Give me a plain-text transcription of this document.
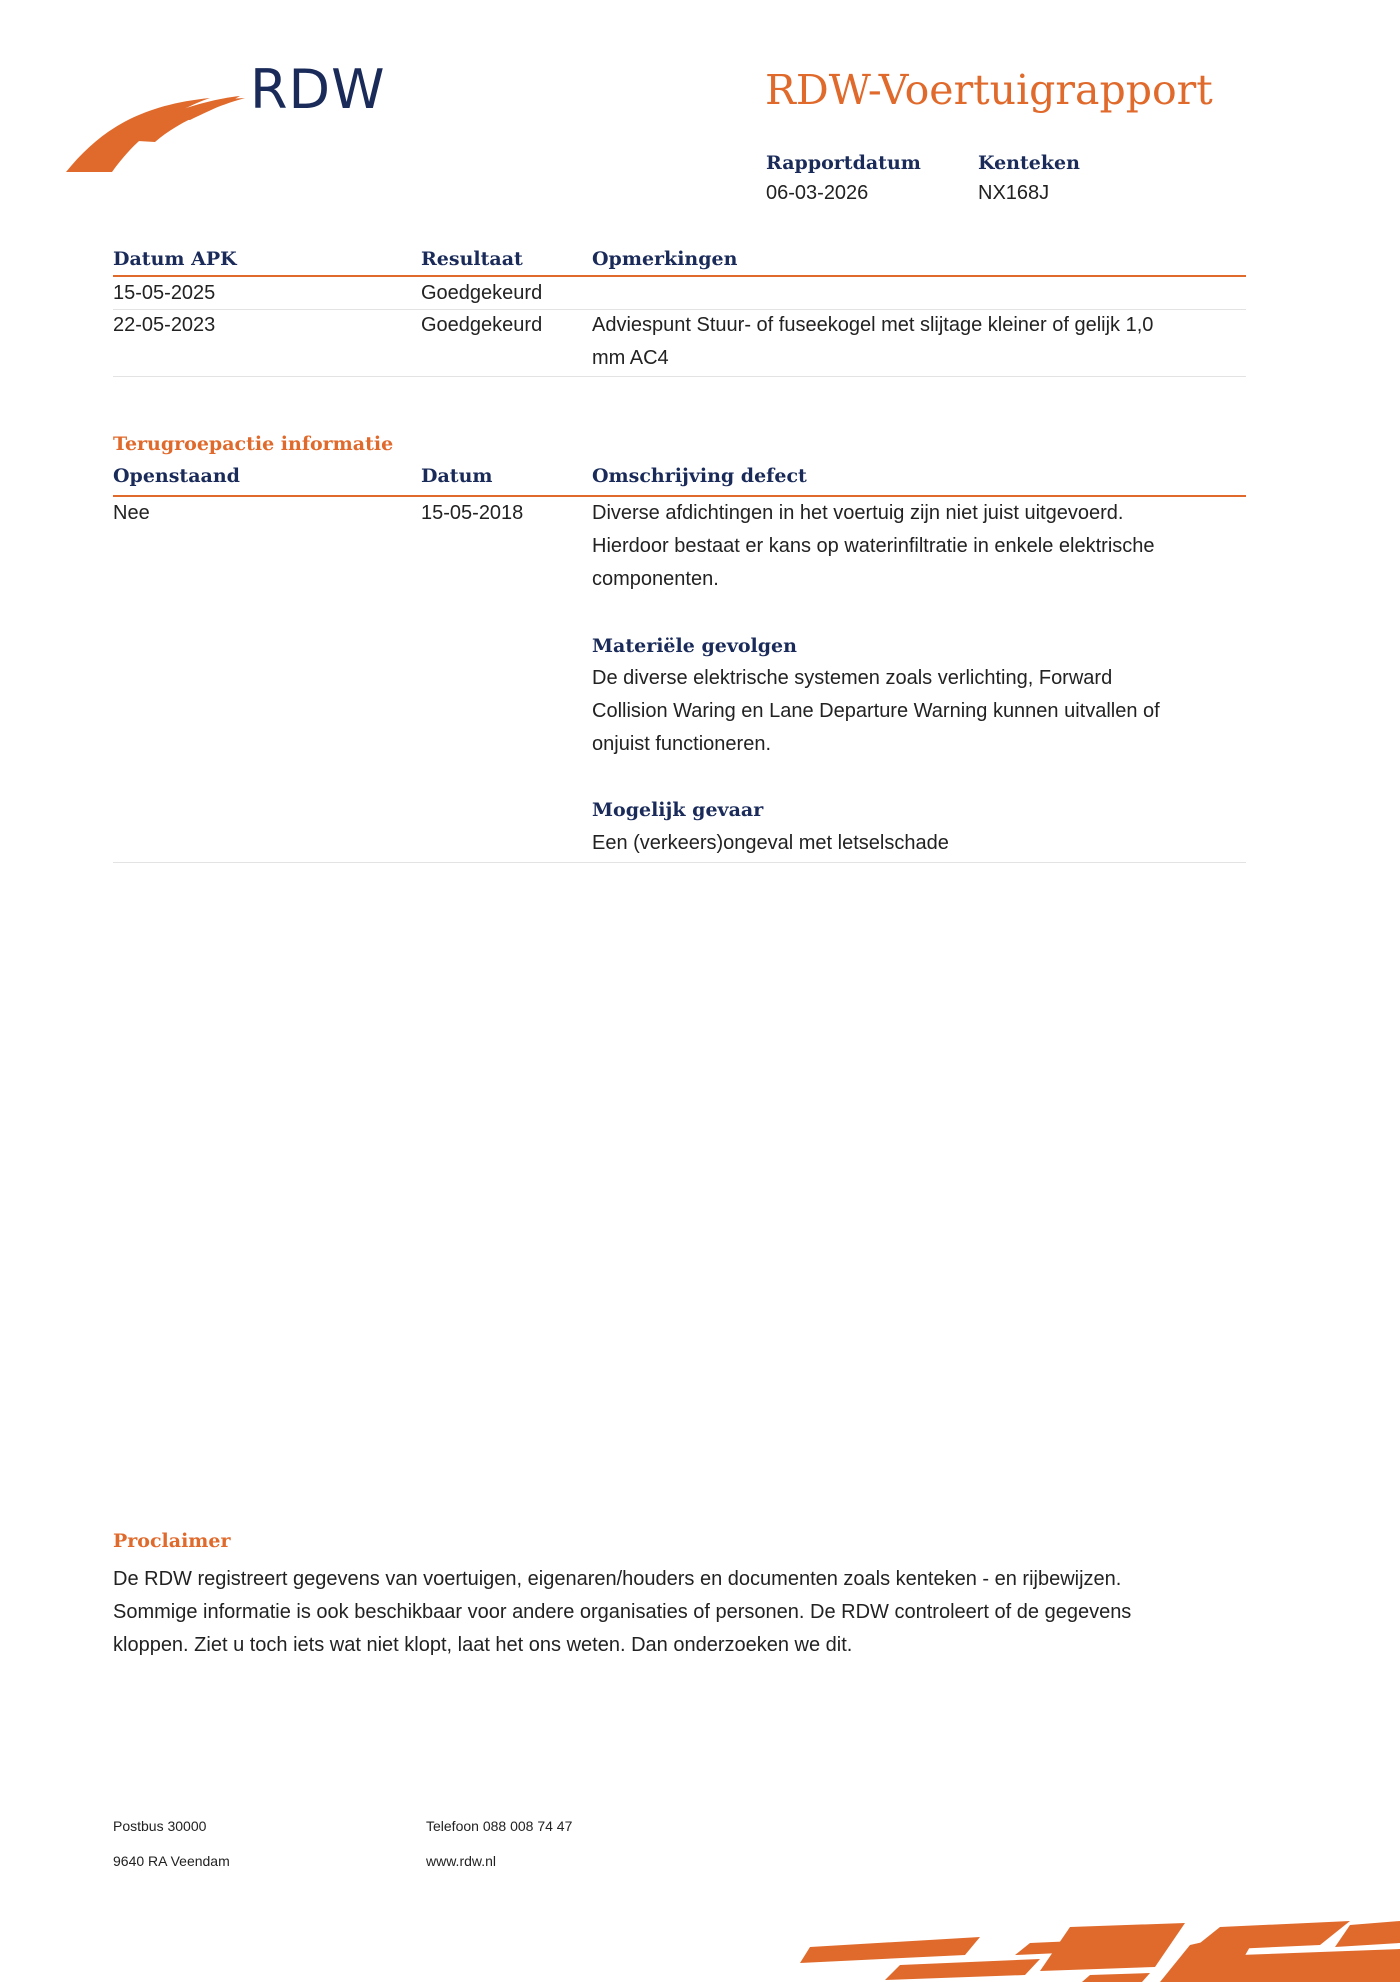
RDW	RDW-Voertuigrapport
Rapportdatum
06-03-2026
Kenteken
NX168J
Datum APK	Resultaat	Opmerkingen
15-05-2025	Goedgekeurd
22-05-2023	Goedgekeurd Adviespunt Stuur- of fuseekogel met slijtage kleiner of gelijk 1,0
mm AC4
Terugroepactie informatie
Openstaand	Datum	Omschrijving defect
Nee	15-05-2018	Diverse afdichtingen in het voertuig zijn niet juist uitgevoerd.
Hierdoor bestaat er kans op waterinfiltratie in enkele elektrische
componenten.
Materiële gevolgen
De diverse elektrische systemen zoals verlichting, Forward
Collision Waring en Lane Departure Warning kunnen uitvallen of
onjuist functioneren.
Mogelijk gevaar
Een (verkeers)ongeval met letselschade
Proclaimer
De RDW registreert gegevens van voertuigen, eigenaren/houders en documenten zoals kenteken - en rijbewijzen.
Sommige informatie is ook beschikbaar voor andere organisaties of personen. De RDW controleert of de gegevens
kloppen. Ziet u toch iets wat niet klopt, laat het ons weten. Dan onderzoeken we dit.
Postbus 30000
9640 RA Veendam
Telefoon 088 008 74 47
www.rdw.nl
